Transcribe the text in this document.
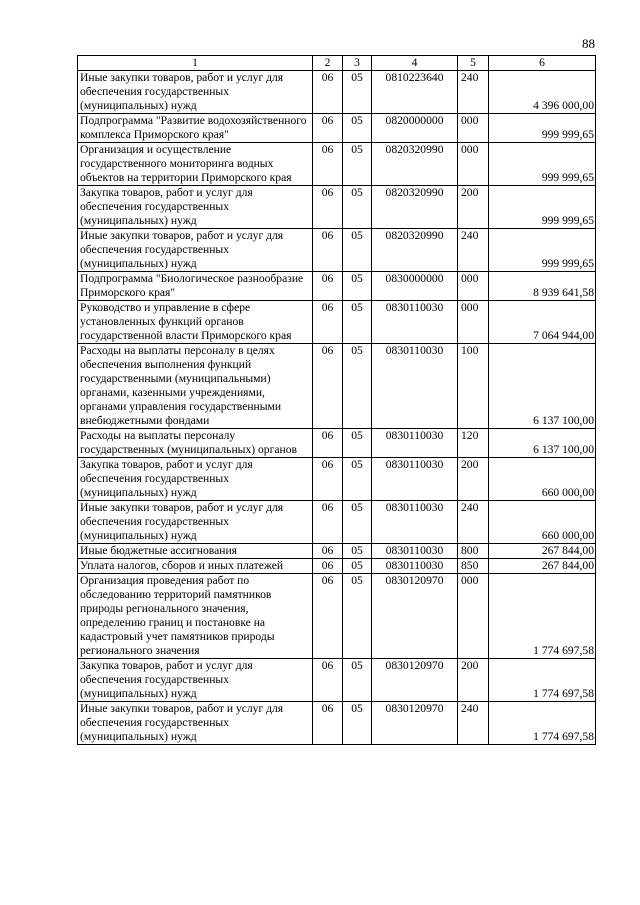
88
1	2	3	4	5	6
Иные закупки товаров, работ и услуг для обеспечения государственных (муниципальных) нужд	06	05	0810223640	240	4 396 000,00
Подпрограмма "Развитие водохозяйственного комплекса Приморского края"	06	05	0820000000	000	999 999,65
Организация и осуществление государственного мониторинга водных объектов на территории Приморского края	06	05	0820320990	000	999 999,65
Закупка товаров, работ и услуг для обеспечения государственных (муниципальных) нужд	06	05	0820320990	200	999 999,65
Иные закупки товаров, работ и услуг для обеспечения государственных (муниципальных) нужд	06	05	0820320990	240	999 999,65
Подпрограмма "Биологическое разнообразие Приморского края"	06	05	0830000000	000	8 939 641,58
Руководство и управление в сфере установленных функций органов государственной власти Приморского края	06	05	0830110030	000	7 064 944,00
Расходы на выплаты персоналу в целях обеспечения выполнения функций государственными (муниципальными) органами, казенными учреждениями, органами управления государственными внебюджетными фондами	06	05	0830110030	100	6 137 100,00
Расходы на выплаты персоналу государственных (муниципальных) органов	06	05	0830110030	120	6 137 100,00
Закупка товаров, работ и услуг для обеспечения государственных (муниципальных) нужд	06	05	0830110030	200	660 000,00
Иные закупки товаров, работ и услуг для обеспечения государственных (муниципальных) нужд	06	05	0830110030	240	660 000,00
Иные бюджетные ассигнования	06	05	0830110030	800	267 844,00
Уплата налогов, сборов и иных платежей	06	05	0830110030	850	267 844,00
Организация проведения работ по обследованию территорий памятников природы регионального значения, определению границ и постановке на кадастровый учет памятников природы регионального значения	06	05	0830120970	000	1 774 697,58
Закупка товаров, работ и услуг для обеспечения государственных (муниципальных) нужд	06	05	0830120970	200	1 774 697,58
Иные закупки товаров, работ и услуг для обеспечения государственных (муниципальных) нужд	06	05	0830120970	240	1 774 697,58
